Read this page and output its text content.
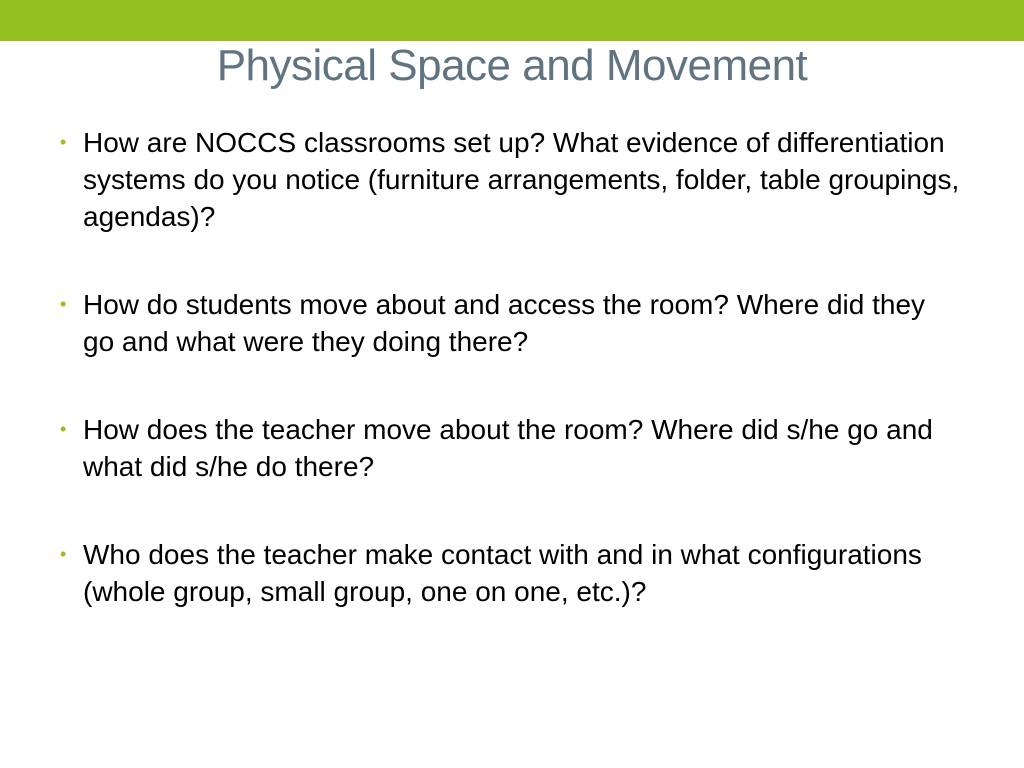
Physical Space and Movement
• How are NOCCS classrooms set up? What evidence of differentiation systems do you notice (furniture arrangements, folder, table groupings, agendas)?
• How do students move about and access the room? Where did they go and what were they doing there?
• How does the teacher move about the room? Where did s/he go and what did s/he do there?
• Who does the teacher make contact with and in what configurations (whole group, small group, one on one, etc.)?
